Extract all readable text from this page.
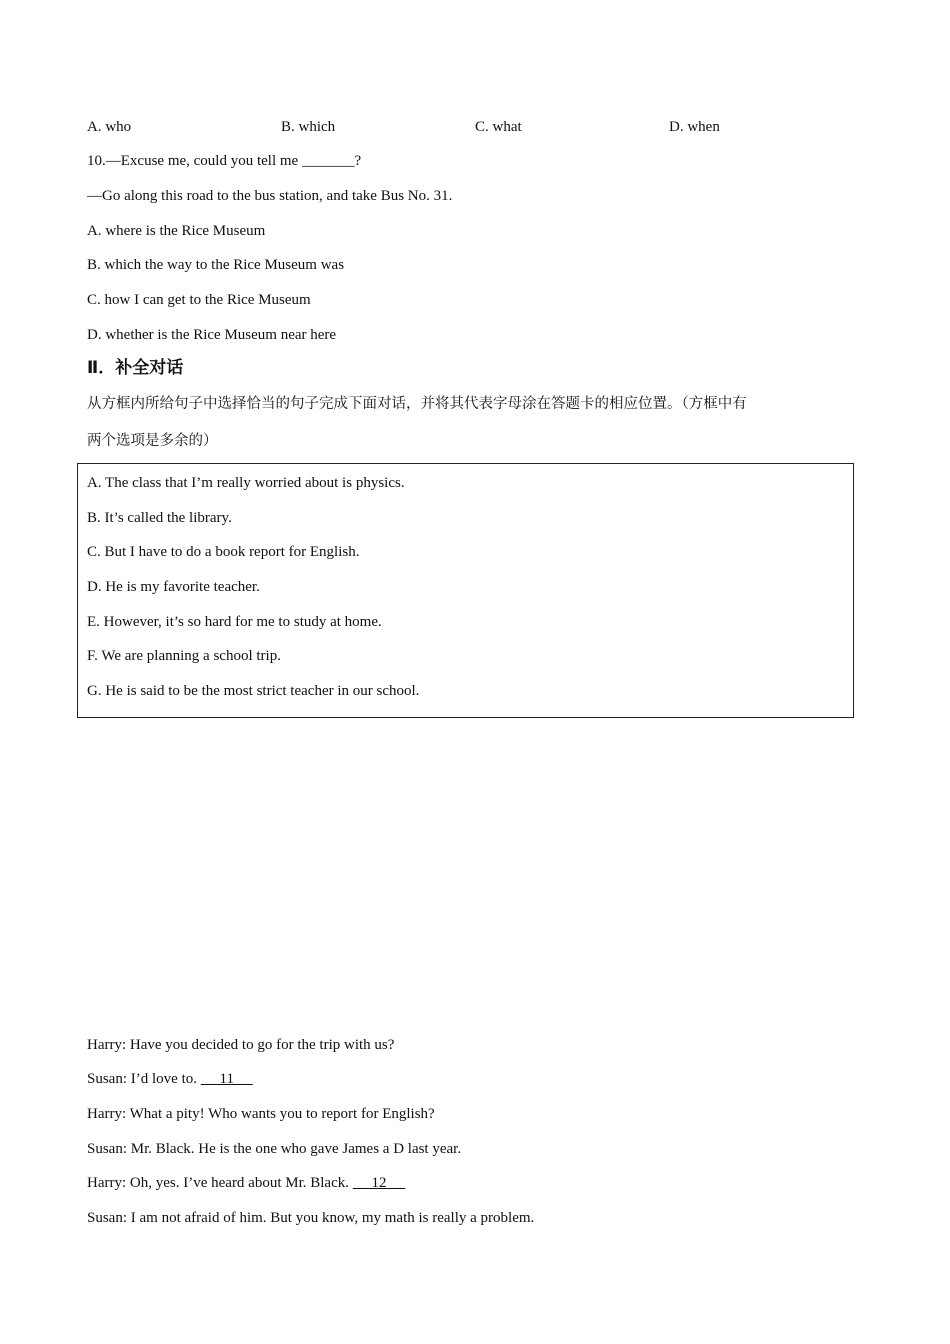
A. who	B. which	C. what	D. when
10.—Excuse me, could you tell me _______?
—Go along this road to the bus station, and take Bus No. 31.
A. where is the Rice Museum
B. which the way to the Rice Museum was
C. how I can get to the Rice Museum
D. whether is the Rice Museum near here
Ⅱ．补全对话
从方框内所给句子中选择恰当的句子完成下面对话，并将其代表字母涂在答题卡的相应位置。（方框中有
两个选项是多余的）
A. The class that I’m really worried about is physics.
B. It’s called the library.
C. But I have to do a book report for English.
D. He is my favorite teacher.
E. However, it’s so hard for me to study at home.
F. We are planning a school trip.
G. He is said to be the most strict teacher in our school.
Harry: Have you decided to go for the trip with us?
Susan: I’d love to.      11
Harry: What a pity! Who wants you to report for English?
Susan: Mr. Black. He is the one who gave James a D last year.
Harry: Oh, yes. I’ve heard about Mr. Black.      12
Susan: I am not afraid of him. But you know, my math is really a problem.
